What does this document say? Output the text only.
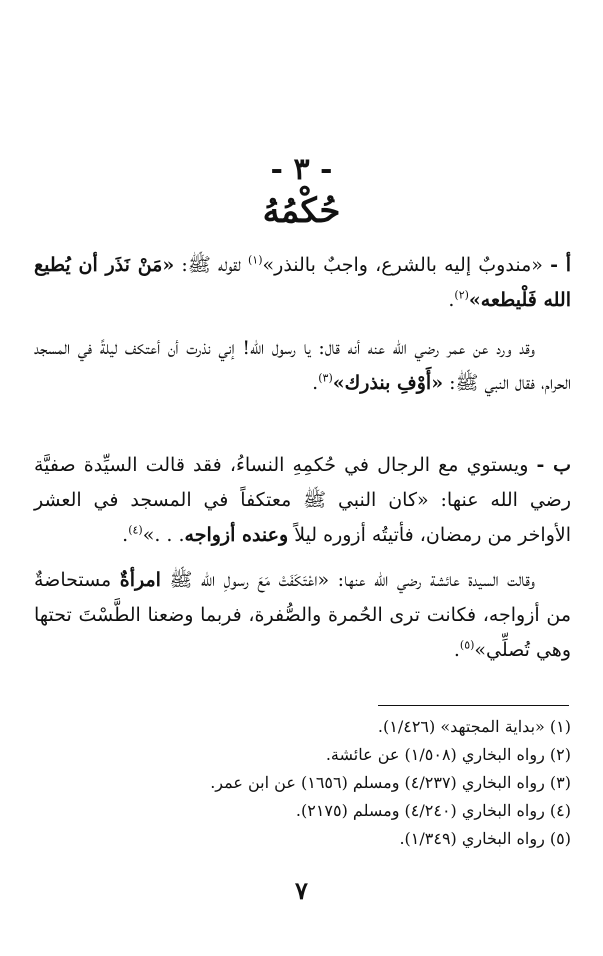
- ٣ -
حُكْمُهُ

أ - «مندوبٌ إليه بالشرع، واجبٌ بالنذر»$^{(١)}$ لقوله ﷺ: «مَنْ نَذَر أن يُطيع الله فَلْيطعه»$^{(٢)}$.

وقد ورد عن عمر رضي الله عنه أنه قال: يا رسول الله! إني نذرت أن أعتكف ليلةً في المسجد الحرام، فقال النبي ﷺ: «أَوْفِ بنذرك»$^{(٣)}$.

ب - ويستوي مع الرجال في حُكمِهِ النساءُ، فقد قالت السيِّدة صفيَّة رضي الله عنها: «كان النبي ﷺ معتكفاً في المسجد في العشر الأواخر من رمضان، فأتيتُه أزوره ليلاً وعنده أزواجه. . .»$^{(٤)}$.

وقالت السيدة عائشة رضي الله عنها: «اعْتَكَفَتْ مَعَ رسولِ الله ﷺ امرأةٌ مستحاضةٌ من أزواجه، فكانت ترى الحُمرة والصُّفرة، فربما وضعنا الطَّسْتَ تحتها وهي تُصلِّي»$^{(٥)}$.

(١) «بداية المجتهد» (١/٤٢٦).

(٢) رواه البخاري (١/٥٠٨) عن عائشة.

(٣) رواه البخاري (٤/٢٣٧) ومسلم (١٦٥٦) عن ابن عمر.

(٤) رواه البخاري (٤/٢٤٠) ومسلم (٢١٧٥).

(٥) رواه البخاري (١/٣٤٩).

٧
